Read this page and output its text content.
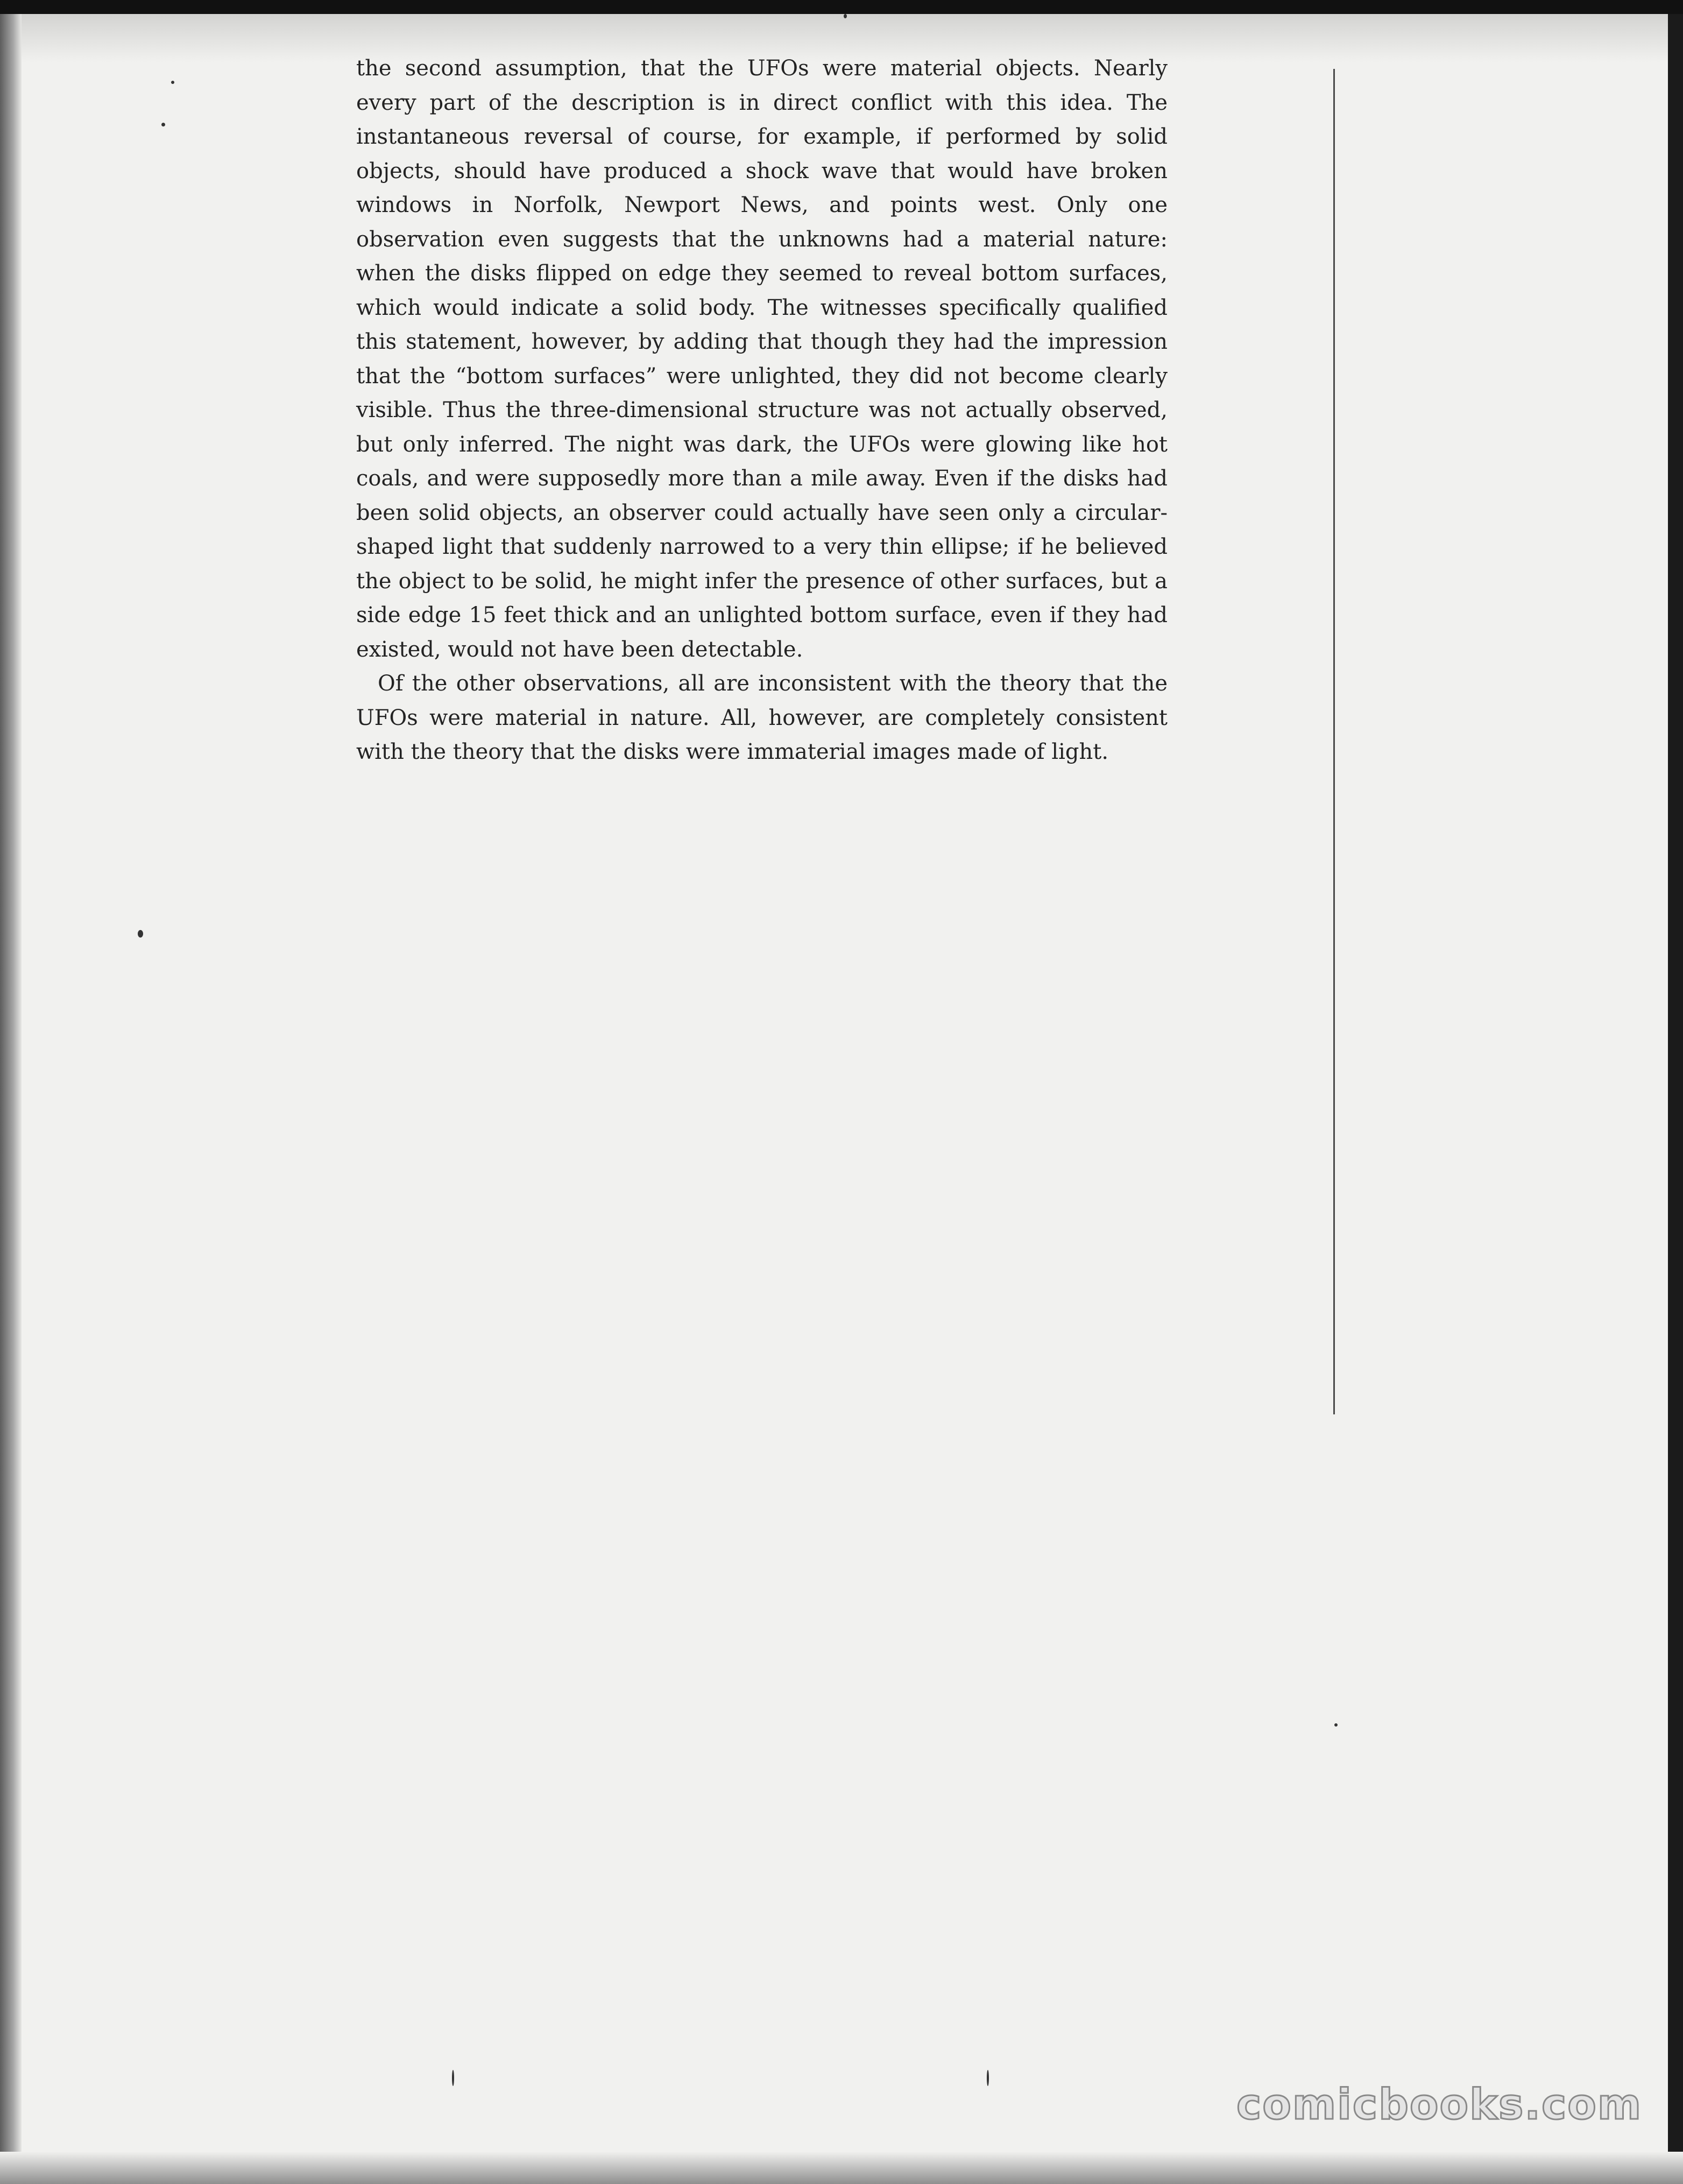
the second assumption, that the UFOs were material objects. Nearly every part of the description is in direct conflict with this idea. The instantaneous reversal of course, for example, if performed by solid objects, should have produced a shock wave that would have broken windows in Norfolk, Newport News, and points west. Only one observation even suggests that the unknowns had a material nature: when the disks flipped on edge they seemed to reveal bottom surfaces, which would indicate a solid body. The witnesses specifically qualified this statement, however, by adding that though they had the impression that the “bottom surfaces” were unlighted, they did not become clearly visible. Thus the three-dimensional structure was not actually observed, but only inferred. The night was dark, the UFOs were glowing like hot coals, and were supposedly more than a mile away. Even if the disks had been solid objects, an observer could actually have seen only a circular-shaped light that suddenly narrowed to a very thin ellipse; if he believed the object to be solid, he might infer the presence of other surfaces, but a side edge 15 feet thick and an unlighted bottom surface, even if they had existed, would not have been detectable.

Of the other observations, all are inconsistent with the theory that the UFOs were material in nature. All, however, are completely consistent with the theory that the disks were immaterial images made of light.

comicbooks.com
